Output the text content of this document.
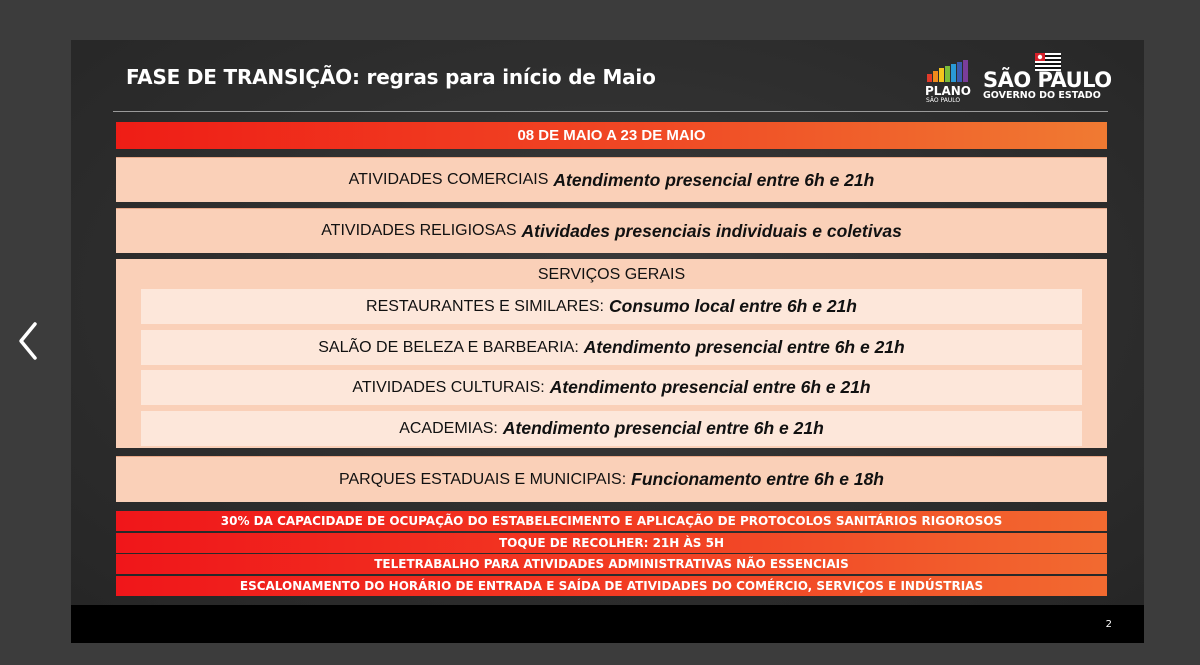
FASE DE TRANSIÇÃO: regras para início de Maio
PLANO
SÃO PAULO
SÃO PAULO
GOVERNO DO ESTADO
08 DE MAIO A 23 DE MAIO
ATIVIDADES COMERCIAIS Atendimento presencial entre 6h e 21h
ATIVIDADES RELIGIOSAS Atividades presenciais individuais e coletivas
SERVIÇOS GERAIS
RESTAURANTES E SIMILARES: Consumo local entre 6h e 21h
SALÃO DE BELEZA E BARBEARIA: Atendimento presencial entre 6h e 21h
ATIVIDADES CULTURAIS: Atendimento presencial entre 6h e 21h
ACADEMIAS: Atendimento presencial entre 6h e 21h
PARQUES ESTADUAIS E MUNICIPAIS: Funcionamento entre 6h e 18h
30% DA CAPACIDADE DE OCUPAÇÃO DO ESTABELECIMENTO E APLICAÇÃO DE PROTOCOLOS SANITÁRIOS RIGOROSOS
TOQUE DE RECOLHER: 21H ÀS 5H
TELETRABALHO PARA ATIVIDADES ADMINISTRATIVAS NÃO ESSENCIAIS
ESCALONAMENTO DO HORÁRIO DE ENTRADA E SAÍDA DE ATIVIDADES DO COMÉRCIO, SERVIÇOS E INDÚSTRIAS
2
